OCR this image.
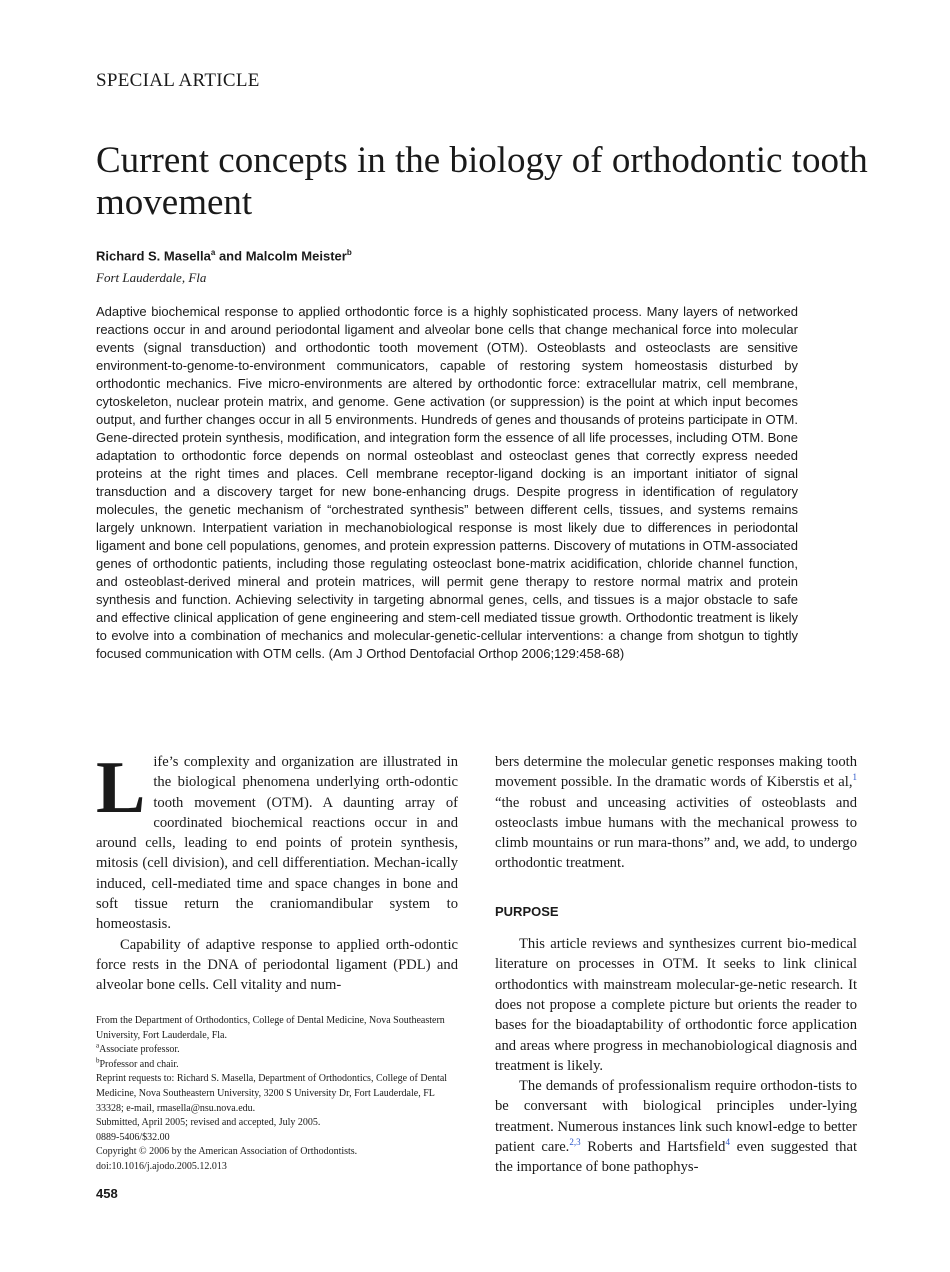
SPECIAL ARTICLE
Current concepts in the biology of orthodontic tooth movement
Richard S. Masella$^a$ and Malcolm Meister$^b$
Fort Lauderdale, Fla
Adaptive biochemical response to applied orthodontic force is a highly sophisticated process. Many layers of networked reactions occur in and around periodontal ligament and alveolar bone cells that change mechanical force into molecular events (signal transduction) and orthodontic tooth movement (OTM). Osteoblasts and osteoclasts are sensitive environment-to-genome-to-environment communicators, capable of restoring system homeostasis disturbed by orthodontic mechanics. Five micro-environments are altered by orthodontic force: extracellular matrix, cell membrane, cytoskeleton, nuclear protein matrix, and genome. Gene activation (or suppression) is the point at which input becomes output, and further changes occur in all 5 environments. Hundreds of genes and thousands of proteins participate in OTM. Gene-directed protein synthesis, modification, and integration form the essence of all life processes, including OTM. Bone adaptation to orthodontic force depends on normal osteoblast and osteoclast genes that correctly express needed proteins at the right times and places. Cell membrane receptor-ligand docking is an important initiator of signal transduction and a discovery target for new bone-enhancing drugs. Despite progress in identification of regulatory molecules, the genetic mechanism of “orchestrated synthesis” between different cells, tissues, and systems remains largely unknown. Interpatient variation in mechanobiological response is most likely due to differences in periodontal ligament and bone cell populations, genomes, and protein expression patterns. Discovery of mutations in OTM-associated genes of orthodontic patients, including those regulating osteoclast bone-matrix acidification, chloride channel function, and osteoblast-derived mineral and protein matrices, will permit gene therapy to restore normal matrix and protein synthesis and function. Achieving selectivity in targeting abnormal genes, cells, and tissues is a major obstacle to safe and effective clinical application of gene engineering and stem-cell mediated tissue growth. Orthodontic treatment is likely to evolve into a combination of mechanics and molecular-genetic-cellular interventions: a change from shotgun to tightly focused communication with OTM cells. (Am J Orthod Dentofacial Orthop 2006;129:458-68)

Life’s complexity and organization are illustrated in the biological phenomena underlying orth-odontic tooth movement (OTM). A daunting array of coordinated biochemical reactions occur in and around cells, leading to end points of protein synthesis, mitosis (cell division), and cell differentiation. Mechan-ically induced, cell-mediated time and space changes in bone and soft tissue return the craniomandibular system to homeostasis.

Capability of adaptive response to applied orth-odontic force rests in the DNA of periodontal ligament (PDL) and alveolar bone cells. Cell vitality and num-

bers determine the molecular genetic responses making tooth movement possible. In the dramatic words of Kiberstis et al,$^1$ “the robust and unceasing activities of osteoblasts and osteoclasts imbue humans with the mechanical prowess to climb mountains or run mara-thons” and, we add, to undergo orthodontic treatment.

PURPOSE

This article reviews and synthesizes current bio-medical literature on processes in OTM. It seeks to link clinical orthodontics with mainstream molecular-ge-netic research. It does not propose a complete picture but orients the reader to bases for the bioadaptability of orthodontic force application and areas where progress in mechanobiological diagnosis and treatment is likely.

The demands of professionalism require orthodon-tists to be conversant with biological principles under-lying treatment. Numerous instances link such knowl-edge to better patient care.$^{2,3}$ Roberts and Hartsfield$^4$ even suggested that the importance of bone pathophys-

From the Department of Orthodontics, College of Dental Medicine, Nova Southeastern University, Fort Lauderdale, Fla.
$^a$Associate professor.
$^b$Professor and chair.
Reprint requests to: Richard S. Masella, Department of Orthodontics, College of Dental Medicine, Nova Southeastern University, 3200 S University Dr, Fort Lauderdale, FL 33328; e-mail, rmasella@nsu.nova.edu.
Submitted, April 2005; revised and accepted, July 2005.
0889-5406/$32.00
Copyright © 2006 by the American Association of Orthodontists.
doi:10.1016/j.ajodo.2005.12.013
458
